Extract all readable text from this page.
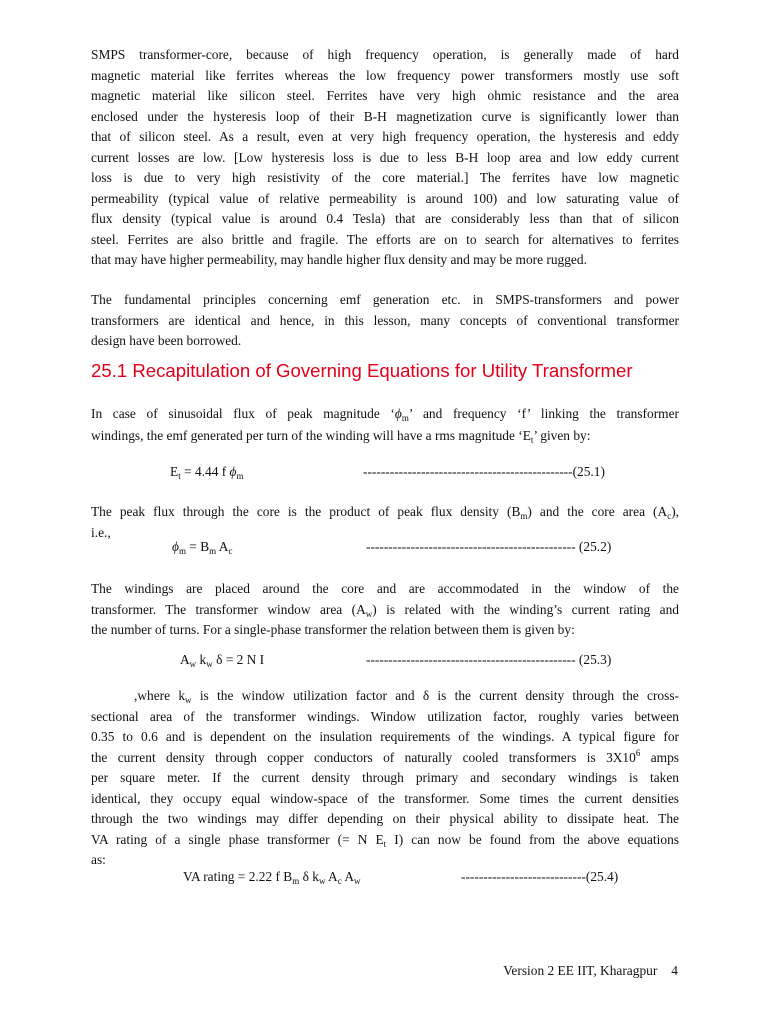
SMPS transformer-core, because of high frequency operation, is generally made of hard
magnetic material like ferrites whereas the low frequency power transformers mostly use soft
magnetic material like silicon steel. Ferrites have very high ohmic resistance and the area
enclosed under the hysteresis loop of their B-H magnetization curve is significantly lower than
that of silicon steel. As a result, even at very high frequency operation, the hysteresis and eddy
current losses are low. [Low hysteresis loss is due to less B-H loop area and low eddy current
loss is due to very high resistivity of the core material.] The ferrites have low magnetic
permeability (typical value of relative permeability is around 100) and low saturating value of
flux density (typical value is around 0.4 Tesla) that are considerably less than that of silicon
steel. Ferrites are also brittle and fragile. The efforts are on to search for alternatives to ferrites
that may have higher permeability, may handle higher flux density and may be more rugged.

The fundamental principles concerning emf generation etc. in SMPS-transformers and power
transformers are identical and hence, in this lesson, many concepts of conventional transformer
design have been borrowed.

25.1 Recapitulation of Governing Equations for Utility Transformer

In case of sinusoidal flux of peak magnitude ‘$\phi_m$’ and frequency ‘f’ linking the transformer
windings, the emf generated per turn of the winding will have a rms magnitude ‘$E_t$’ given by:

$E_t = 4.44$ f $\phi_m$	-----------------------------------------------(25.1)

The peak flux through the core is the product of peak flux density $(B_m)$ and the core area $(A_c)$,
i.e.,

$\phi_m = B_m$ $A_c$	----------------------------------------------- (25.2)

The windings are placed around the core and are accommodated in the window of the
transformer. The transformer window area $(A_w)$ is related with the winding’s current rating and
the number of turns. For a single-phase transformer the relation between them is given by:

$A_w$ $k_w$ δ = 2 N I	----------------------------------------------- (25.3)

,where $k_w$ is the window utilization factor and δ is the current density through the cross-
sectional area of the transformer windings. Window utilization factor, roughly varies between
0.35 to 0.6 and is dependent on the insulation requirements of the windings. A typical figure for
the current density through copper conductors of naturally cooled transformers is $3X10^6$ amps
per square meter. If the current density through primary and secondary windings is taken
identical, they occupy equal window-space of the transformer. Some times the current densities
through the two windings may differ depending on their physical ability to dissipate heat. The
VA rating of a single phase transformer (= N $E_t$ I) can now be found from the above equations
as:

VA rating = 2.22 f $B_m$ δ $k_w$ $A_c$ $A_w$	----------------------------(25.4)
Version 2 EE IIT, Kharagpur 4
